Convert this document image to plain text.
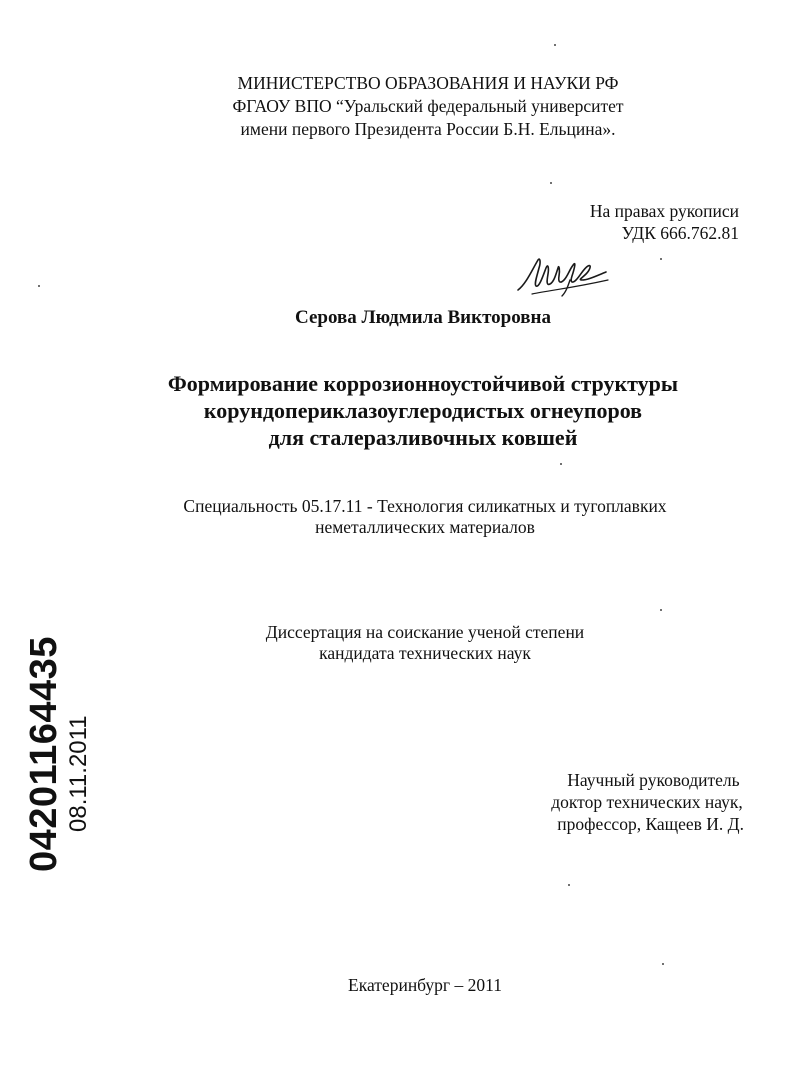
МИНИСТЕРСТВО ОБРАЗОВАНИЯ И НАУКИ РФ
ФГАОУ ВПО “Уральский федеральный университет
имени первого Президента России Б.Н. Ельцина».
На правах рукописи
УДК 666.762.81
Серова Людмила Викторовна
Формирование коррозионноустойчивой структуры
корундопериклазоуглеродистых огнеупоров
для сталеразливочных ковшей
Специальность 05.17.11 - Технология силикатных и тугоплавких
неметаллических материалов
Диссертация на соискание ученой степени
кандидата технических наук
Научный руководитель
доктор технических наук,
профессор, Кащеев И. Д.
Екатеринбург – 2011
04201164435 08.11.2011
